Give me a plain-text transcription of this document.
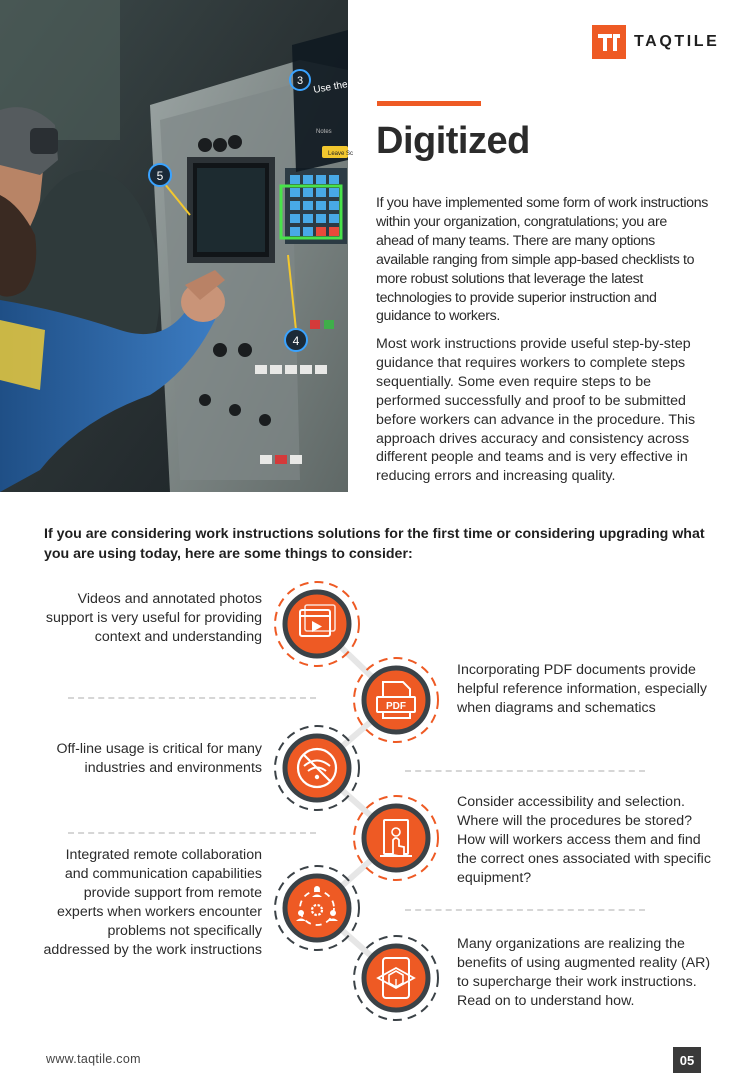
3 Use the keypad code.
Notes
Leave Sc
5
4
TAQTILE
Digitized

If you have implemented some form of work instructions within your organization, congratulations; you are ahead of many teams. There are many options available ranging from simple app-based checklists to more robust solutions that leverage the latest technologies to provide superior instruction and guidance to workers.

Most work instructions provide useful step-by-step guidance that requires workers to complete steps sequentially. Some even require steps to be performed successfully and proof to be submitted before workers can advance in the procedure. This approach drives accuracy and consistency across different people and teams and is very effective in reducing errors and increasing quality.

If you are considering work instructions solutions for the first time or considering upgrading what you are using today, here are some things to consider:

PDF

Videos and annotated photos support is very useful for providing context and understanding

Incorporating PDF documents provide helpful reference information, especially when diagrams and schematics

Off-line usage is critical for many industries and environments

Consider accessibility and selection. Where will the procedures be stored? How will workers access them and find the correct ones associated with specific equipment?

Integrated remote collaboration and communication capabilities provide support from remote experts when workers encounter problems not specifically addressed by the work instructions	Many organizations are realizing the benefits of using augmented reality (AR) to supercharge their work instructions. Read on to understand how.

www.taqtile.com	05
